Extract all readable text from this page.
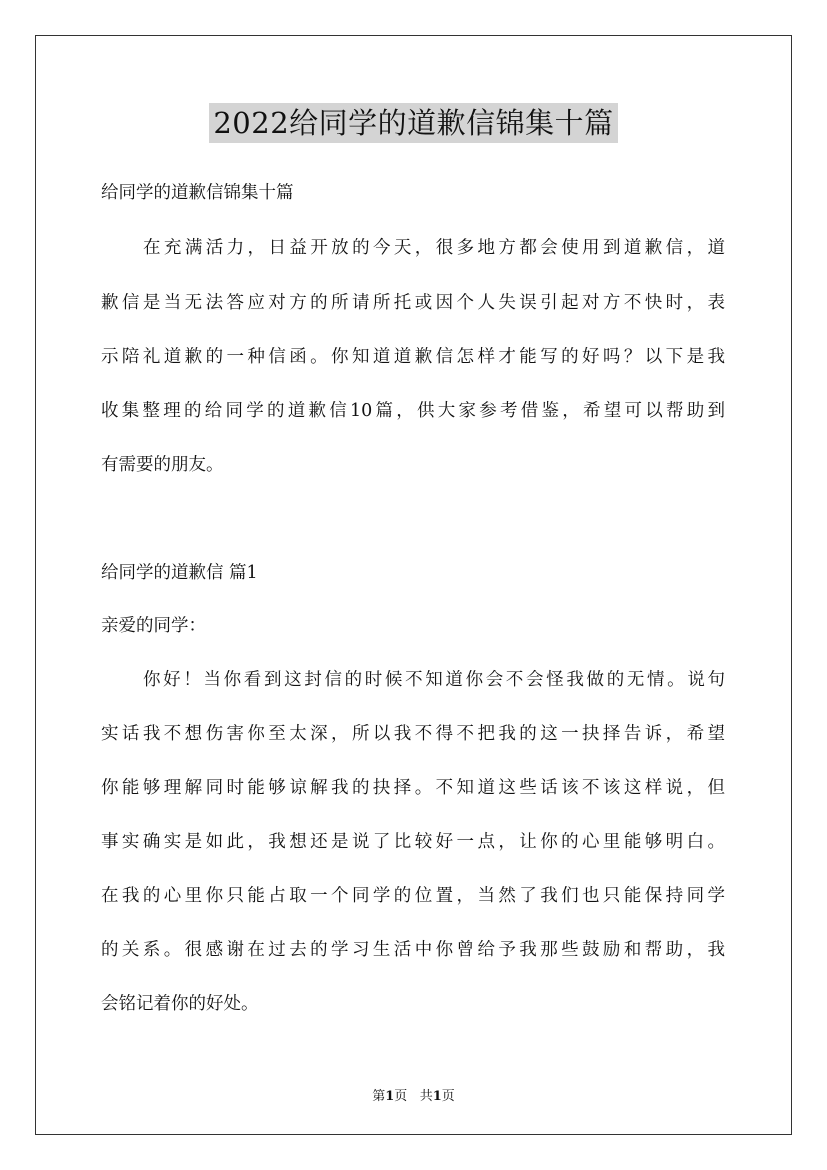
2022给同学的道歉信锦集十篇
给同学的道歉信锦集十篇
在充满活力，日益开放的今天，很多地方都会使用到道歉信，道
歉信是当无法答应对方的所请所托或因个人失误引起对方不快时，表
示陪礼道歉的一种信函。你知道道歉信怎样才能写的好吗？以下是我
收集整理的给同学的道歉信10篇，供大家参考借鉴，希望可以帮助到
有需要的朋友。
给同学的道歉信 篇1
亲爱的同学：
你好！当你看到这封信的时候不知道你会不会怪我做的无情。说句
实话我不想伤害你至太深，所以我不得不把我的这一抉择告诉，希望
你能够理解同时能够谅解我的抉择。不知道这些话该不该这样说，但
事实确实是如此，我想还是说了比较好一点，让你的心里能够明白。
在我的心里你只能占取一个同学的位置，当然了我们也只能保持同学
的关系。很感谢在过去的学习生活中你曾给予我那些鼓励和帮助，我
会铭记着你的好处。
第1页 共1页
